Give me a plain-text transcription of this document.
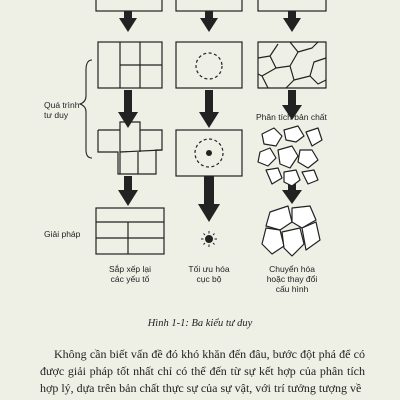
Quá trình
tư duy
Giải pháp
Phân tích bản chất
Sắp xếp lại
các yếu tố
Tối ưu hóa
cục bộ
Chuyển hóa
hoặc thay đổi
cấu hình
Hình 1-1: Ba kiểu tư duy

Không cần biết vấn đề đó khó khăn đến đâu, bước đột phá để có được giải pháp tốt nhất chỉ có thể đến từ sự kết hợp của phân tích hợp lý, dựa trên bản chất thực sự của sự vật, với trí tưởng tượng về
